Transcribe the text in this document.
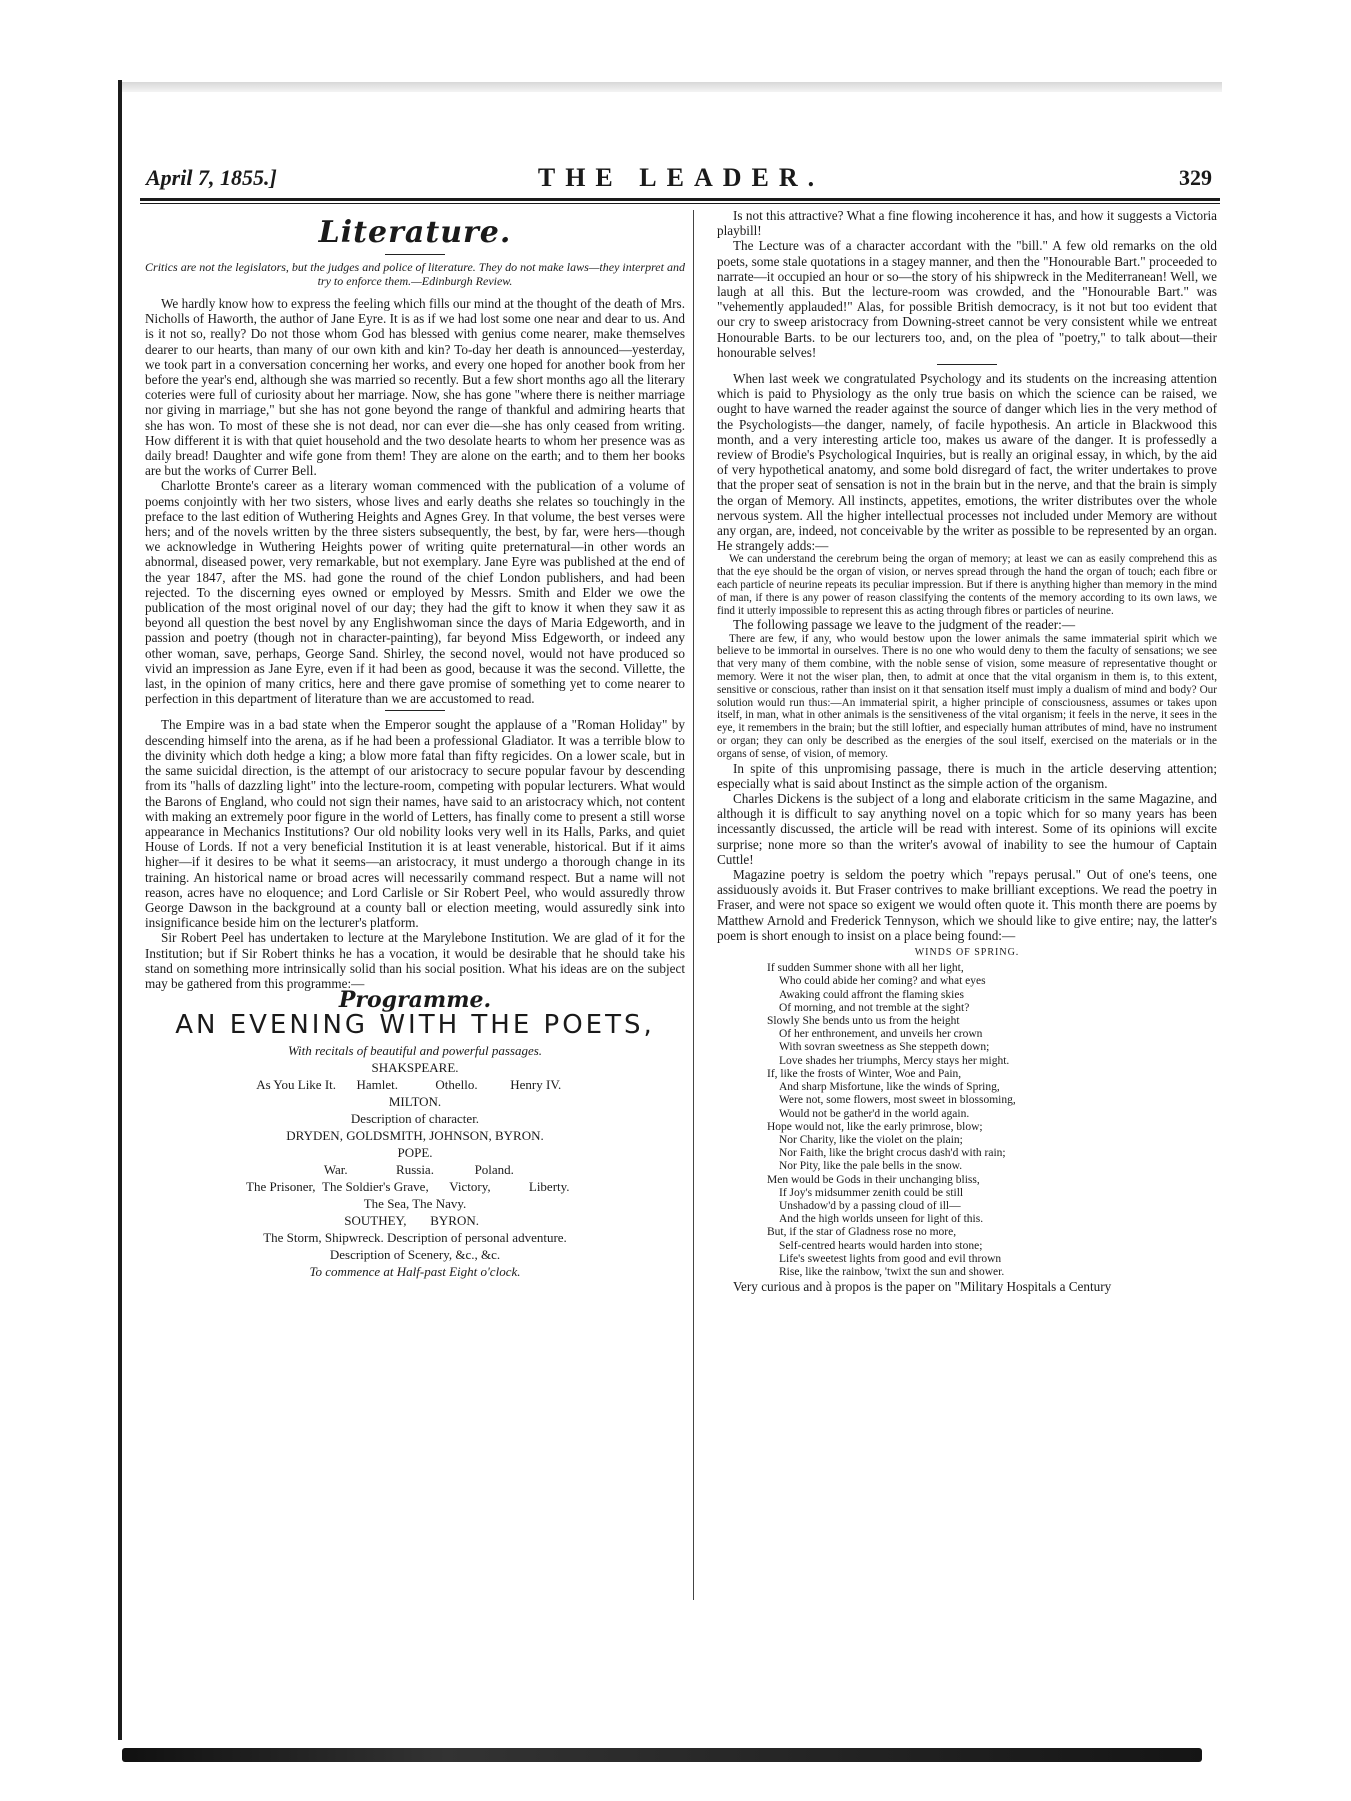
April 7, 1855.]	THE LEADER.	329
Literature.
Critics are not the legislators, but the judges and police of literature. They do not make laws—they interpret and try to enforce them.—Edinburgh Review.

We hardly know how to express the feeling which fills our mind at the thought of the death of Mrs. Nicholls of Haworth, the author of Jane Eyre. It is as if we had lost some one near and dear to us. And is it not so, really? Do not those whom God has blessed with genius come nearer, make themselves dearer to our hearts, than many of our own kith and kin? To-day her death is announced—yesterday, we took part in a conversation concerning her works, and every one hoped for another book from her before the year's end, although she was married so recently. But a few short months ago all the literary coteries were full of curiosity about her marriage. Now, she has gone "where there is neither marriage nor giving in marriage," but she has not gone beyond the range of thankful and admiring hearts that she has won. To most of these she is not dead, nor can ever die—she has only ceased from writing. How different it is with that quiet household and the two desolate hearts to whom her presence was as daily bread! Daughter and wife gone from them! They are alone on the earth; and to them her books are but the works of Currer Bell.

Charlotte Bronte's career as a literary woman commenced with the publication of a volume of poems conjointly with her two sisters, whose lives and early deaths she relates so touchingly in the preface to the last edition of Wuthering Heights and Agnes Grey. In that volume, the best verses were hers; and of the novels written by the three sisters subsequently, the best, by far, were hers—though we acknowledge in Wuthering Heights power of writing quite preternatural—in other words an abnormal, diseased power, very remarkable, but not exemplary. Jane Eyre was published at the end of the year 1847, after the MS. had gone the round of the chief London publishers, and had been rejected. To the discerning eyes owned or employed by Messrs. Smith and Elder we owe the publication of the most original novel of our day; they had the gift to know it when they saw it as beyond all question the best novel by any Englishwoman since the days of Maria Edgeworth, and in passion and poetry (though not in character-painting), far beyond Miss Edgeworth, or indeed any other woman, save, perhaps, George Sand. Shirley, the second novel, would not have produced so vivid an impression as Jane Eyre, even if it had been as good, because it was the second. Villette, the last, in the opinion of many critics, here and there gave promise of something yet to come nearer to perfection in this department of literature than we are accustomed to read.

The Empire was in a bad state when the Emperor sought the applause of a "Roman Holiday" by descending himself into the arena, as if he had been a professional Gladiator. It was a terrible blow to the divinity which doth hedge a king; a blow more fatal than fifty regicides. On a lower scale, but in the same suicidal direction, is the attempt of our aristocracy to secure popular favour by descending from its "halls of dazzling light" into the lecture-room, competing with popular lecturers. What would the Barons of England, who could not sign their names, have said to an aristocracy which, not content with making an extremely poor figure in the world of Letters, has finally come to present a still worse appearance in Mechanics Institutions? Our old nobility looks very well in its Halls, Parks, and quiet House of Lords. If not a very beneficial Institution it is at least venerable, historical. But if it aims higher—if it desires to be what it seems—an aristocracy, it must undergo a thorough change in its training. An historical name or broad acres will necessarily command respect. But a name will not reason, acres have no eloquence; and Lord Carlisle or Sir Robert Peel, who would assuredly throw George Dawson in the background at a county ball or election meeting, would assuredly sink into insignificance beside him on the lecturer's platform.

Sir Robert Peel has undertaken to lecture at the Marylebone Institution. We are glad of it for the Institution; but if Sir Robert thinks he has a vocation, it would be desirable that he should take his stand on something more intrinsically solid than his social position. What his ideas are on the subject may be gathered from this programme:—

Programme.
AN EVENING WITH THE POETS,
With recitals of beautiful and powerful passages.
SHAKSPEARE.
As You Like It. Hamlet.	Othello.	Henry IV.
MILTON.
Description of character.
DRYDEN, GOLDSMITH, JOHNSON, BYRON.
POPE.
War.	Russia.	Poland.
The Prisoner, The Soldier's Grave, Victory,	Liberty.
The Sea, The Navy.
SOUTHEY, BYRON.
The Storm, Shipwreck. Description of personal adventure.
Description of Scenery, &c., &c.
To commence at Half-past Eight o'clock.

Is not this attractive? What a fine flowing incoherence it has, and how it suggests a Victoria playbill!

The Lecture was of a character accordant with the "bill." A few old remarks on the old poets, some stale quotations in a stagey manner, and then the "Honourable Bart." proceeded to narrate—it occupied an hour or so—the story of his shipwreck in the Mediterranean! Well, we laugh at all this. But the lecture-room was crowded, and the "Honourable Bart." was "vehemently applauded!" Alas, for possible British democracy, is it not but too evident that our cry to sweep aristocracy from Downing-street cannot be very consistent while we entreat Honourable Barts. to be our lecturers too, and, on the plea of "poetry," to talk about—their honourable selves!

When last week we congratulated Psychology and its students on the increasing attention which is paid to Physiology as the only true basis on which the science can be raised, we ought to have warned the reader against the source of danger which lies in the very method of the Psychologists—the danger, namely, of facile hypothesis. An article in Blackwood this month, and a very interesting article too, makes us aware of the danger. It is professedly a review of Brodie's Psychological Inquiries, but is really an original essay, in which, by the aid of very hypothetical anatomy, and some bold disregard of fact, the writer undertakes to prove that the proper seat of sensation is not in the brain but in the nerve, and that the brain is simply the organ of Memory. All instincts, appetites, emotions, the writer distributes over the whole nervous system. All the higher intellectual processes not included under Memory are without any organ, are, indeed, not conceivable by the writer as possible to be represented by an organ. He strangely adds:—

We can understand the cerebrum being the organ of memory; at least we can as easily comprehend this as that the eye should be the organ of vision, or nerves spread through the hand the organ of touch; each fibre or each particle of neurine repeats its peculiar impression. But if there is anything higher than memory in the mind of man, if there is any power of reason classifying the contents of the memory according to its own laws, we find it utterly impossible to represent this as acting through fibres or particles of neurine.

The following passage we leave to the judgment of the reader:—

There are few, if any, who would bestow upon the lower animals the same immaterial spirit which we believe to be immortal in ourselves. There is no one who would deny to them the faculty of sensations; we see that very many of them combine, with the noble sense of vision, some measure of representative thought or memory. Were it not the wiser plan, then, to admit at once that the vital organism in them is, to this extent, sensitive or conscious, rather than insist on it that sensation itself must imply a dualism of mind and body? Our solution would run thus:—An immaterial spirit, a higher principle of consciousness, assumes or takes upon itself, in man, what in other animals is the sensitiveness of the vital organism; it feels in the nerve, it sees in the eye, it remembers in the brain; but the still loftier, and especially human attributes of mind, have no instrument or organ; they can only be described as the energies of the soul itself, exercised on the materials or in the organs of sense, of vision, of memory.

In spite of this unpromising passage, there is much in the article deserving attention; especially what is said about Instinct as the simple action of the organism.

Charles Dickens is the subject of a long and elaborate criticism in the same Magazine, and although it is difficult to say anything novel on a topic which for so many years has been incessantly discussed, the article will be read with interest. Some of its opinions will excite surprise; none more so than the writer's avowal of inability to see the humour of Captain Cuttle!

Magazine poetry is seldom the poetry which "repays perusal." Out of one's teens, one assiduously avoids it. But Fraser contrives to make brilliant exceptions. We read the poetry in Fraser, and were not space so exigent we would often quote it. This month there are poems by Matthew Arnold and Frederick Tennyson, which we should like to give entire; nay, the latter's poem is short enough to insist on a place being found:—

WINDS OF SPRING.
If sudden Summer shone with all her light,
Who could abide her coming? and what eyes
Awaking could affront the flaming skies
Of morning, and not tremble at the sight?
Slowly She bends unto us from the height
Of her enthronement, and unveils her crown
With sovran sweetness as She steppeth down;
Love shades her triumphs, Mercy stays her might.
If, like the frosts of Winter, Woe and Pain,
And sharp Misfortune, like the winds of Spring,
Were not, some flowers, most sweet in blossoming,
Would not be gather'd in the world again.
Hope would not, like the early primrose, blow;
Nor Charity, like the violet on the plain;
Nor Faith, like the bright crocus dash'd with rain;
Nor Pity, like the pale bells in the snow.
Men would be Gods in their unchanging bliss,
If Joy's midsummer zenith could be still
Unshadow'd by a passing cloud of ill—
And the high worlds unseen for light of this.
But, if the star of Gladness rose no more,
Self-centred hearts would harden into stone;
Life's sweetest lights from good and evil thrown
Rise, like the rainbow, 'twixt the sun and shower.

Very curious and à propos is the paper on "Military Hospitals a Century
